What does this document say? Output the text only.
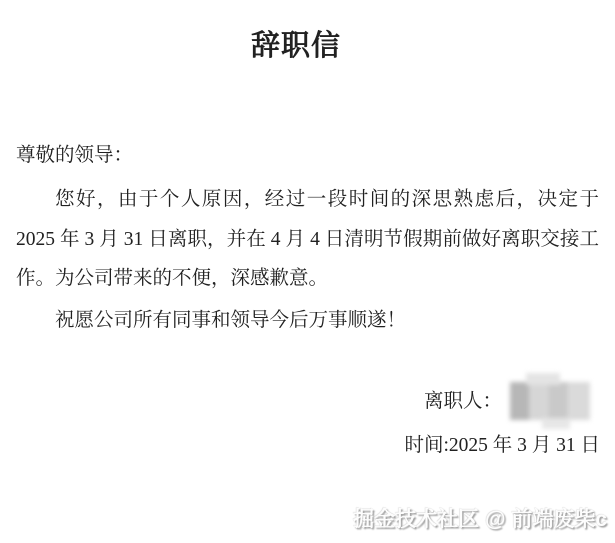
辞职信

尊敬的领导：

您好，由于个人原因，经过一段时间的深思熟虑后，决定于 2025 年 3 月 31 日离职，并在 4 月 4 日清明节假期前做好离职交接工作。为公司带来的不便，深感歉意。

祝愿公司所有同事和领导今后万事顺遂！

离职人：

时间:2025 年 3 月 31 日

掘金技术社区 @ 前端废柴c
